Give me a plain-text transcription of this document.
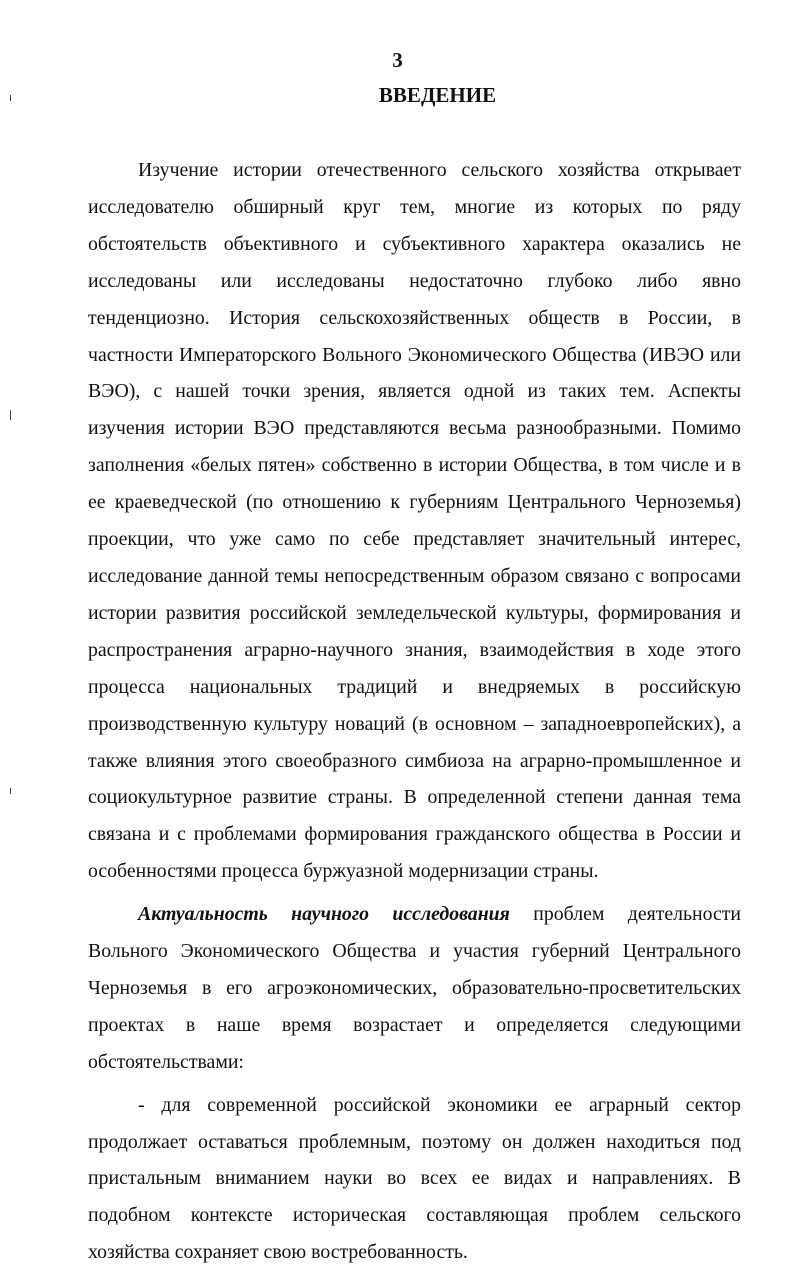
3
ВВЕДЕНИЕ

Изучение истории отечественного сельского хозяйства открывает исследователю обширный круг тем, многие из которых по ряду обстоятельств объективного и субъективного характера оказались не исследованы или исследованы недостаточно глубоко либо явно тенденциозно. История сельскохозяйственных обществ в России, в частности Императорского Вольного Экономического Общества (ИВЭО или ВЭО), с нашей точки зрения, является одной из таких тем. Аспекты изучения истории ВЭО представляются весьма разнообразными. Помимо заполнения «белых пятен» собственно в истории Общества, в том числе и в ее краеведческой (по отношению к губерниям Центрального Черноземья) проекции, что уже само по себе представляет значительный интерес, исследование данной темы непосредственным образом связано с вопросами истории развития российской земледельческой культуры, формирования и распространения аграрно-научного знания, взаимодействия в ходе этого процесса национальных традиций и внедряемых в российскую производственную культуру новаций (в основном – западноевропейских), а также влияния этого своеобразного симбиоза на аграрно-промышленное и социокультурное развитие страны. В определенной степени данная тема связана и с проблемами формирования гражданского общества в России и особенностями процесса буржуазной модернизации страны.

Актуальность научного исследования проблем деятельности Вольного Экономического Общества и участия губерний Центрального Черноземья в его агроэкономических, образовательно-просветительских проектах в наше время возрастает и определяется следующими обстоятельствами:

- для современной российской экономики ее аграрный сектор продолжает оставаться проблемным, поэтому он должен находиться под пристальным вниманием науки во всех ее видах и направлениях. В подобном контексте историческая составляющая проблем сельского хозяйства сохраняет свою востребованность.
